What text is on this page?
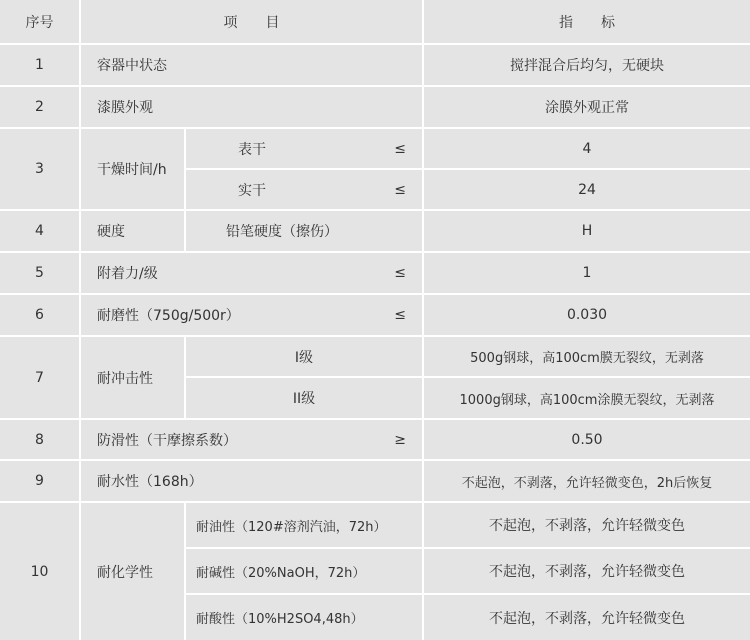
序号	项　　目	指　　标
1	容器中状态	搅拌混合后均匀，无硬块
2	漆膜外观	涂膜外观正常
3	干燥时间/h
表干	≤	4
实干	≤	24
4	硬度	铅笔硬度（擦伤）	H
5	附着力/级	≤	1
6	耐磨性（750g/500r）	≤	0.030
7	耐冲击性
I级	500g钢球，高100cm膜无裂纹，无剥落
II级	1000g钢球，高100cm涂膜无裂纹，无剥落
8	防滑性（干摩擦系数）	≥	0.50
9	耐水性（168h）	不起泡，不剥落，允许轻微变色，2h后恢复
10	耐化学性
耐油性（120#溶剂汽油，72h）	不起泡，不剥落，允许轻微变色
耐碱性（20%NaOH，72h）	不起泡，不剥落，允许轻微变色
耐酸性（10%H2SO4,48h）	不起泡，不剥落，允许轻微变色
